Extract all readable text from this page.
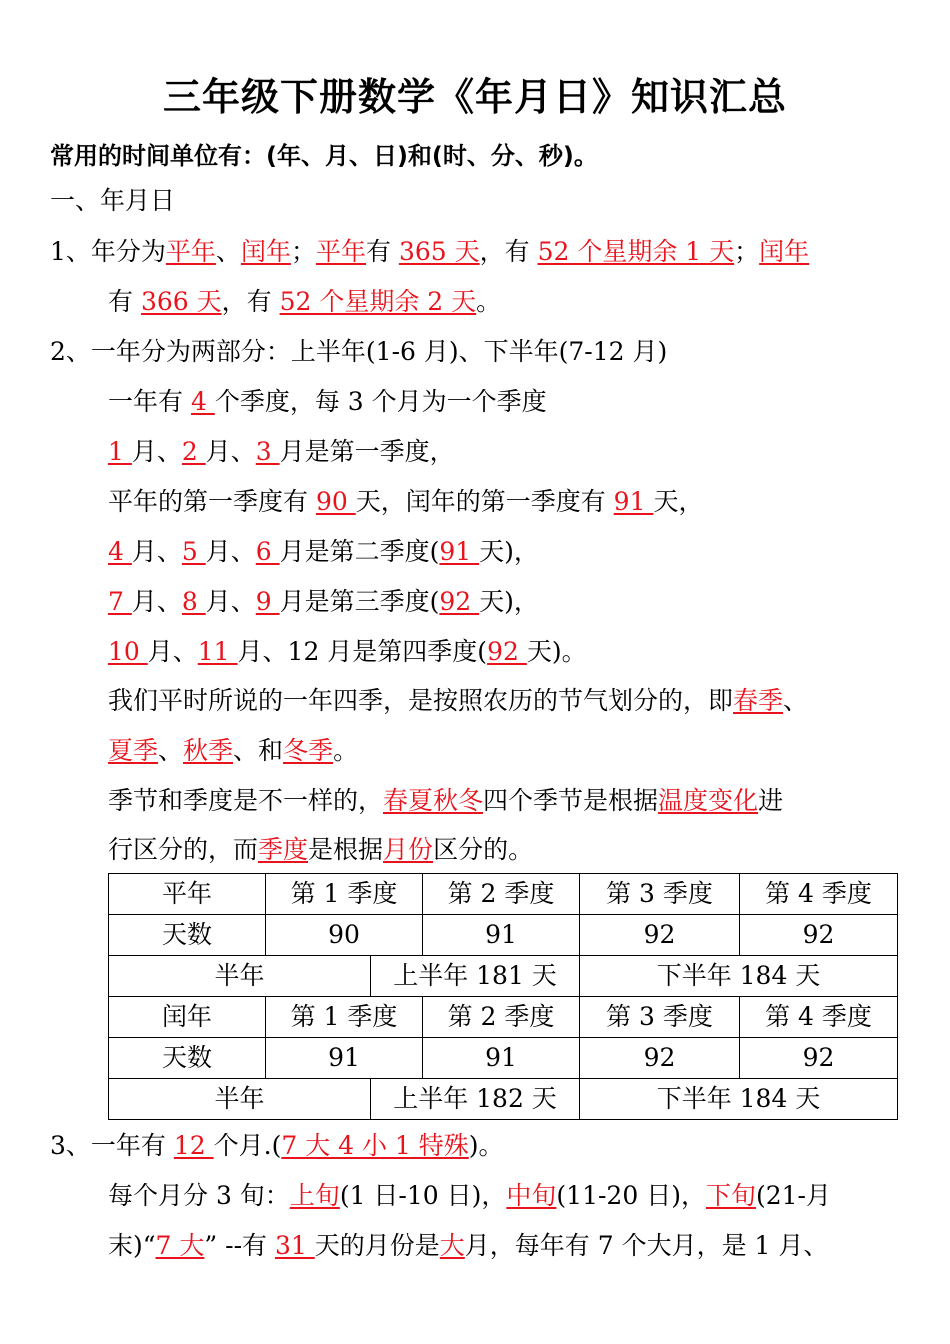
三年级下册数学《年月日》知识汇总
常用的时间单位有：(年、月、日)和(时、分、秒)。
一、年月日
1、年分为平年、闰年；平年有 365 天，有 52 个星期余 1 天；闰年
有 366 天，有 52 个星期余 2 天。
2、一年分为两部分：上半年(1-6 月)、下半年(7-12 月)
一年有 4 个季度，每 3 个月为一个季度
1 月、2 月、3 月是第一季度，
平年的第一季度有 90 天，闰年的第一季度有 91 天，
4 月、5 月、6 月是第二季度(91 天)，
7 月、8 月、9 月是第三季度(92 天)，
10 月、11 月、12 月是第四季度(92 天)。
我们平时所说的一年四季，是按照农历的节气划分的，即春季、
夏季、秋季、和冬季。
季节和季度是不一样的，春夏秋冬四个季节是根据温度变化进
行区分的，而季度是根据月份区分的。
平年	第 1 季度		第 2 季度	第 3 季度	第 4 季度
天数	90		91	92	92
半年		上半年 181 天		下半年 184 天	
闰年	第 1 季度		第 2 季度	第 3 季度	第 4 季度
天数	91		91	92	92
半年		上半年 182 天		下半年 184 天	
3、一年有 12 个月.(7 大 4 小 1 特殊)。
每个月分 3 旬：上旬(1 日-10 日)，中旬(11-20 日)，下旬(21-月
末)“7 大” --有 31 天的月份是大月，每年有 7 个大月，是 1 月、
